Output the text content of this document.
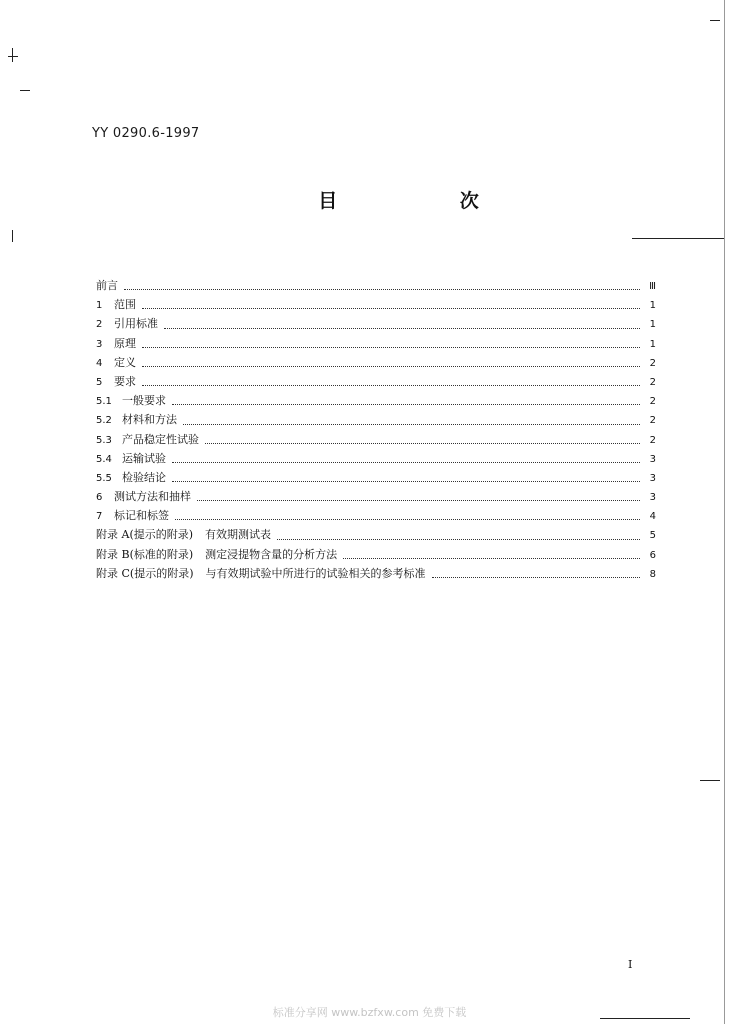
YY 0290.6-1997
目 次
前言	Ⅲ
1	范围	1
2	引用标准	1
3	原理	1
4	定义	2
5	要求	2
5.1 一般要求	2
5.2 材料和方法	2
5.3 产品稳定性试验	2
5.4 运输试验	3
5.5 检验结论	3
6	测试方法和抽样	3
7	标记和标签	4
附录 A(提示的附录)	有效期测试表	5
附录 B(标准的附录)	测定浸提物含量的分析方法	6
附录 C(提示的附录)	与有效期试验中所进行的试验相关的参考标准	8
I
标准分享网 www.bzfxw.com 免费下载
